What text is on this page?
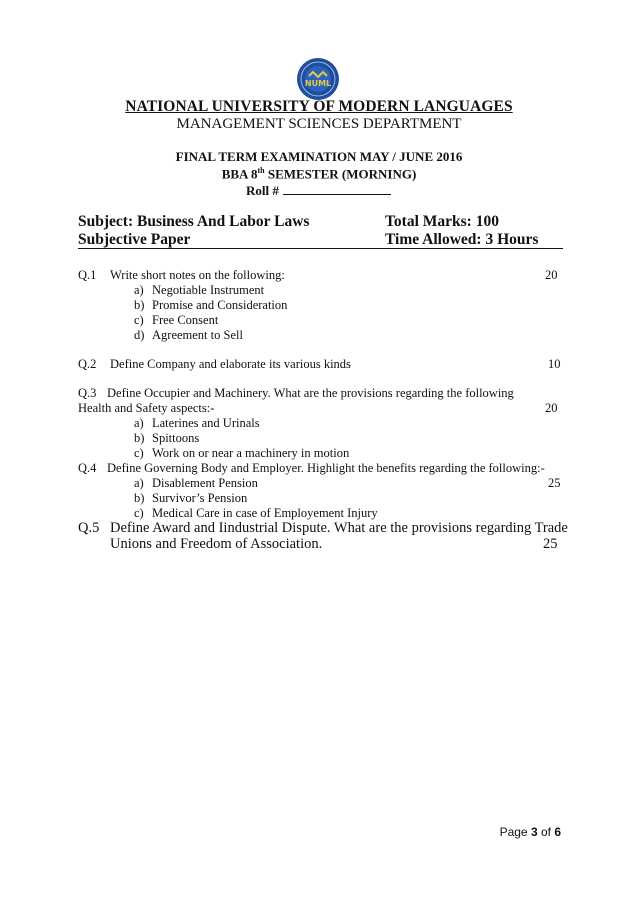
NUML
NATIONAL UNIVERSITY OF MODERN LANGUAGES
MANAGEMENT SCIENCES DEPARTMENT
FINAL TERM EXAMINATION MAY / JUNE 2016
BBA 8th SEMESTER (MORNING)
Roll #
Subject: Business And Labor Laws	Total Marks: 100
Subjective Paper	Time Allowed: 3 Hours
Q.1 Write short notes on the following:	20
a) Negotiable Instrument
b) Promise and Consideration
c) Free Consent
d) Agreement to Sell
Q.2 Define Company and elaborate its various kinds	10
Q.3 Define Occupier and Machinery. What are the provisions regarding the following
Health and Safety aspects:-	20
a) Laterines and Urinals
b) Spittoons
c) Work on or near a machinery in motion
Q.4 Define Governing Body and Employer. Highlight the benefits regarding the following:-
a) Disablement Pension	25
b) Survivor’s Pension
c) Medical Care in case of Employement Injury
Q.5 Define Award and Iindustrial Dispute. What are the provisions regarding Trade
Unions and Freedom of Association.	25
Page 3 of 6
